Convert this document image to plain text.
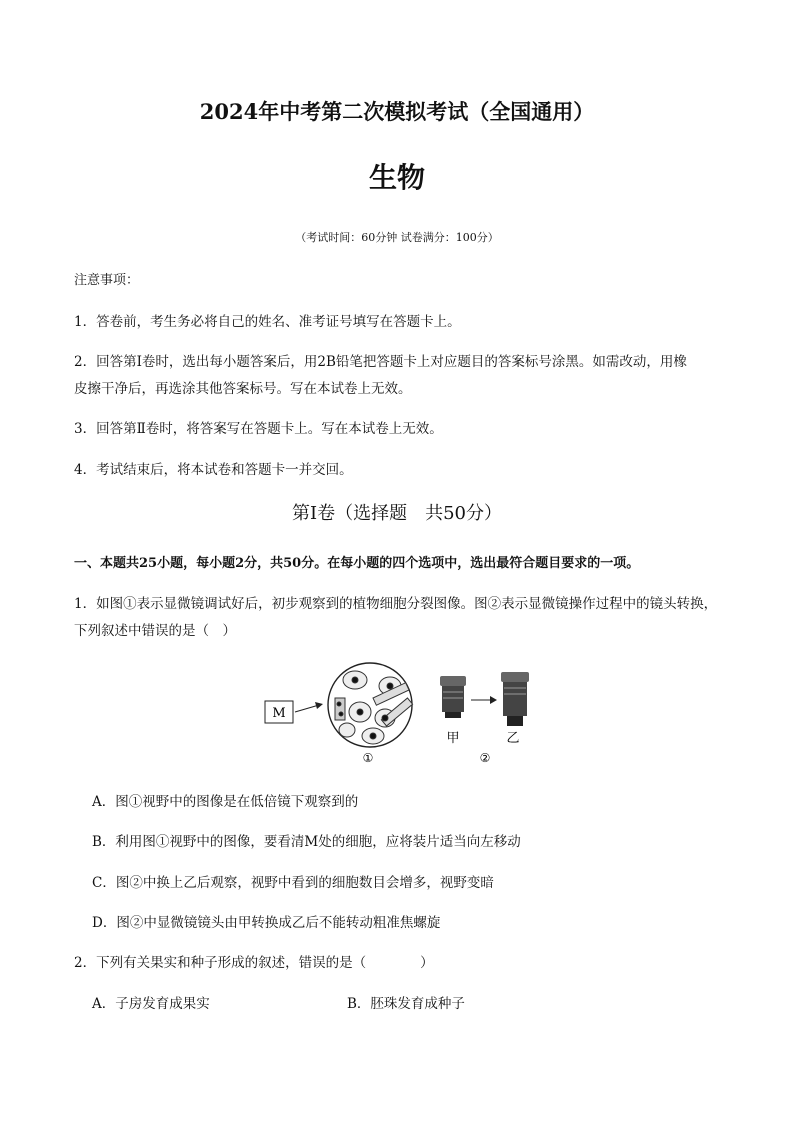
2024年中考第二次模拟考试（全国通用）
生物
（考试时间：60分钟 试卷满分：100分）
注意事项：
1．答卷前，考生务必将自己的姓名、准考证号填写在答题卡上。
2．回答第Ⅰ卷时，选出每小题答案后，用2B铅笔把答题卡上对应题目的答案标号涂黑。如需改动，用橡
皮擦干净后，再选涂其他答案标号。写在本试卷上无效。
3．回答第Ⅱ卷时，将答案写在答题卡上。写在本试卷上无效。
4．考试结束后，将本试卷和答题卡一并交回。
第Ⅰ卷（选择题　共50分）
一、本题共25小题，每小题2分，共50分。在每小题的四个选项中，选出最符合题目要求的一项。
1．如图①表示显微镜调试好后，初步观察到的植物细胞分裂图像。图②表示显微镜操作过程中的镜头转换，
下列叙述中错误的是（　）
M
①
甲	乙
②
A．图①视野中的图像是在低倍镜下观察到的
B．利用图①视野中的图像，要看清M处的细胞，应将装片适当向左移动
C．图②中换上乙后观察，视野中看到的细胞数目会增多，视野变暗
D．图②中显微镜镜头由甲转换成乙后不能转动粗准焦螺旋
2．下列有关果实和种子形成的叙述，错误的是（　　　　）
A．子房发育成果实	B．胚珠发育成种子
